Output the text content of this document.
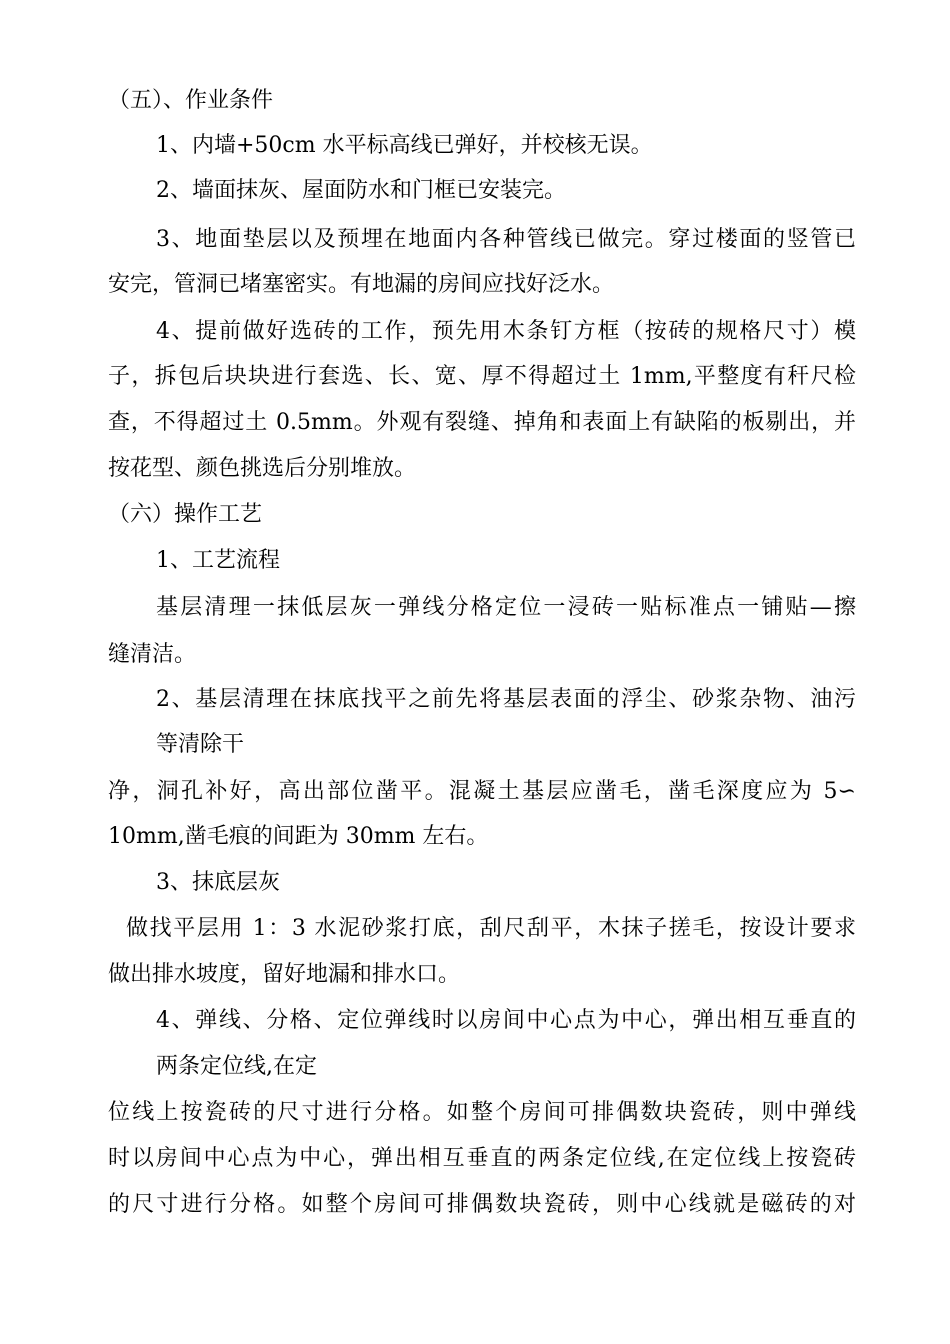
（五）、作业条件
1、内墙+50cm 水平标高线已弹好，并校核无误。
2、墙面抹灰、屋面防水和门框已安装完。
3、地面垫层以及预埋在地面内各种管线已做完。穿过楼面的竖管已
安完，管洞已堵塞密实。有地漏的房间应找好泛水。
4、提前做好选砖的工作，预先用木条钉方框（按砖的规格尺寸）模
子，拆包后块块进行套选、长、宽、厚不得超过土 1mm,平整度有秆尺检
查，不得超过土 0.5mm。外观有裂缝、掉角和表面上有缺陷的板剔出，并
按花型、颜色挑选后分别堆放。
（六）操作工艺
1、工艺流程
基层清理一抹低层灰一弹线分格定位一浸砖一贴标准点一铺贴—擦
缝清洁。
2、基层清理在抹底找平之前先将基层表面的浮尘、砂浆杂物、油污
等清除干
净，洞孔补好，高出部位凿平。混凝土基层应凿毛，凿毛深度应为 5∽
10mm,凿毛痕的间距为 30mm 左右。
3、抹底层灰
做找平层用 1：3 水泥砂浆打底，刮尺刮平，木抹子搓毛，按设计要求
做出排水坡度，留好地漏和排水口。
4、弹线、分格、定位弹线时以房间中心点为中心，弹出相互垂直的
两条定位线,在定
位线上按瓷砖的尺寸进行分格。如整个房间可排偶数块瓷砖，则中弹线
时以房间中心点为中心，弹出相互垂直的两条定位线,在定位线上按瓷砖
的尺寸进行分格。如整个房间可排偶数块瓷砖，则中心线就是磁砖的对
